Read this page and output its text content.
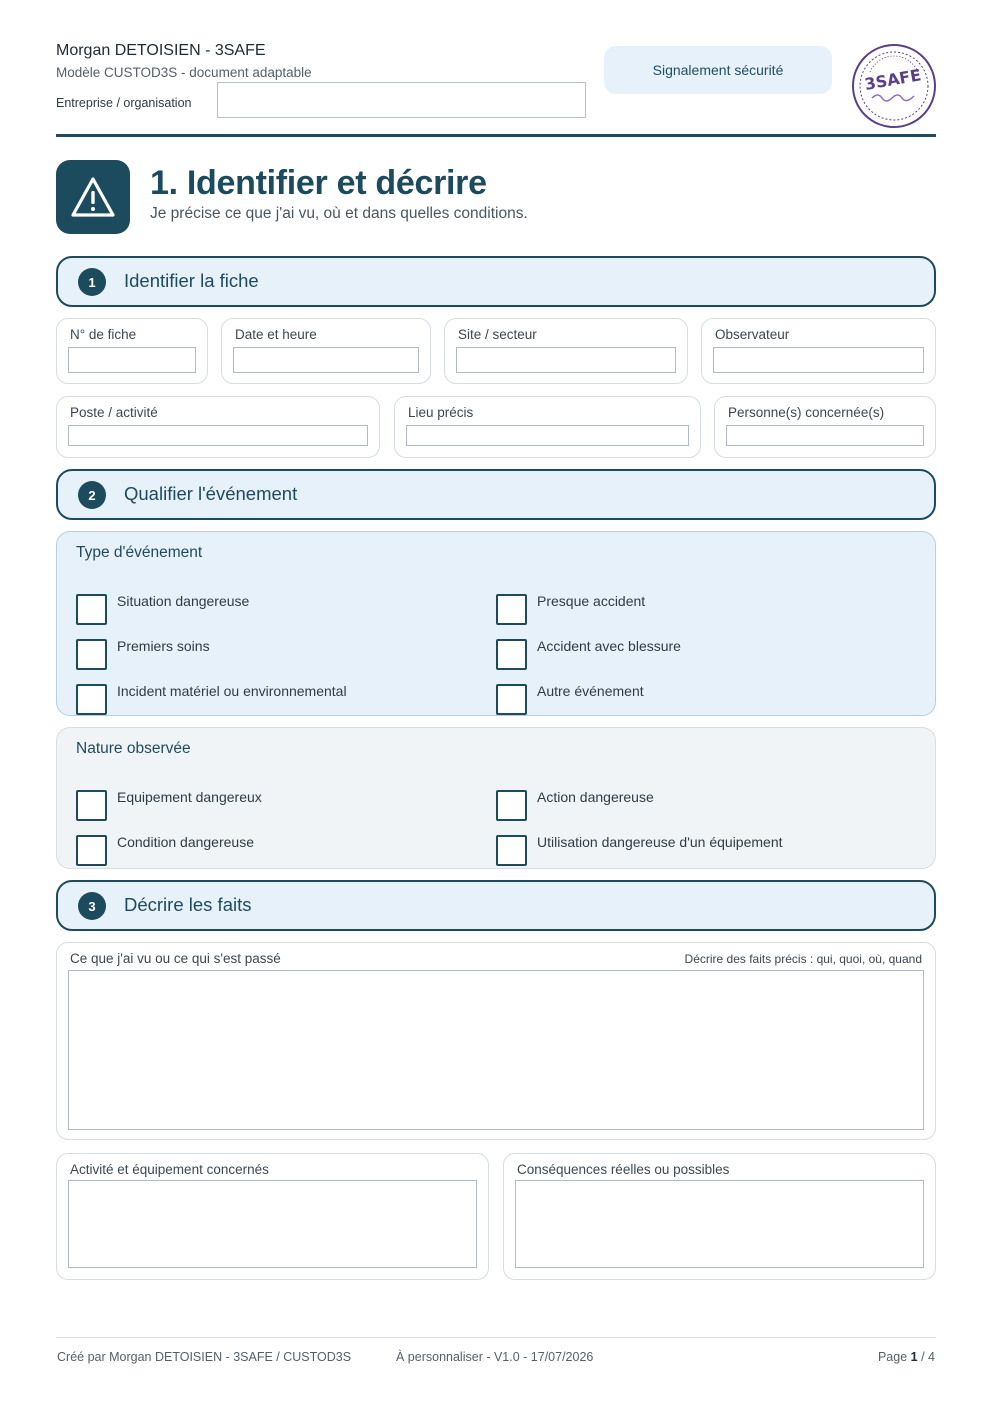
Morgan DETOISIEN - 3SAFE
Modèle CUSTOD3S - document adaptable
Entreprise / organisation
Signalement sécurité	3SAFE
1. Identifier et décrire
Je précise ce que j'ai vu, où et dans quelles conditions.
1	Identifier la fiche
N° de fiche	Date et heure	Site / secteur	Observateur
Poste / activité	Lieu précis	Personne(s) concernée(s)
2	Qualifier l'événement
Type d'événement
Situation dangereuse	Presque accident
Premiers soins	Accident avec blessure
Incident matériel ou environnemental	Autre événement
Nature observée
Equipement dangereux	Action dangereuse
Condition dangereuse	Utilisation dangereuse d'un équipement
3	Décrire les faits
Ce que j'ai vu ou ce qui s'est passé	Décrire des faits précis : qui, quoi, où, quand
Activité et équipement concernés	Conséquences réelles ou possibles
Créé par Morgan DETOISIEN - 3SAFE / CUSTOD3S	À personnaliser - V1.0 - 17/07/2026	Page 1 / 4
